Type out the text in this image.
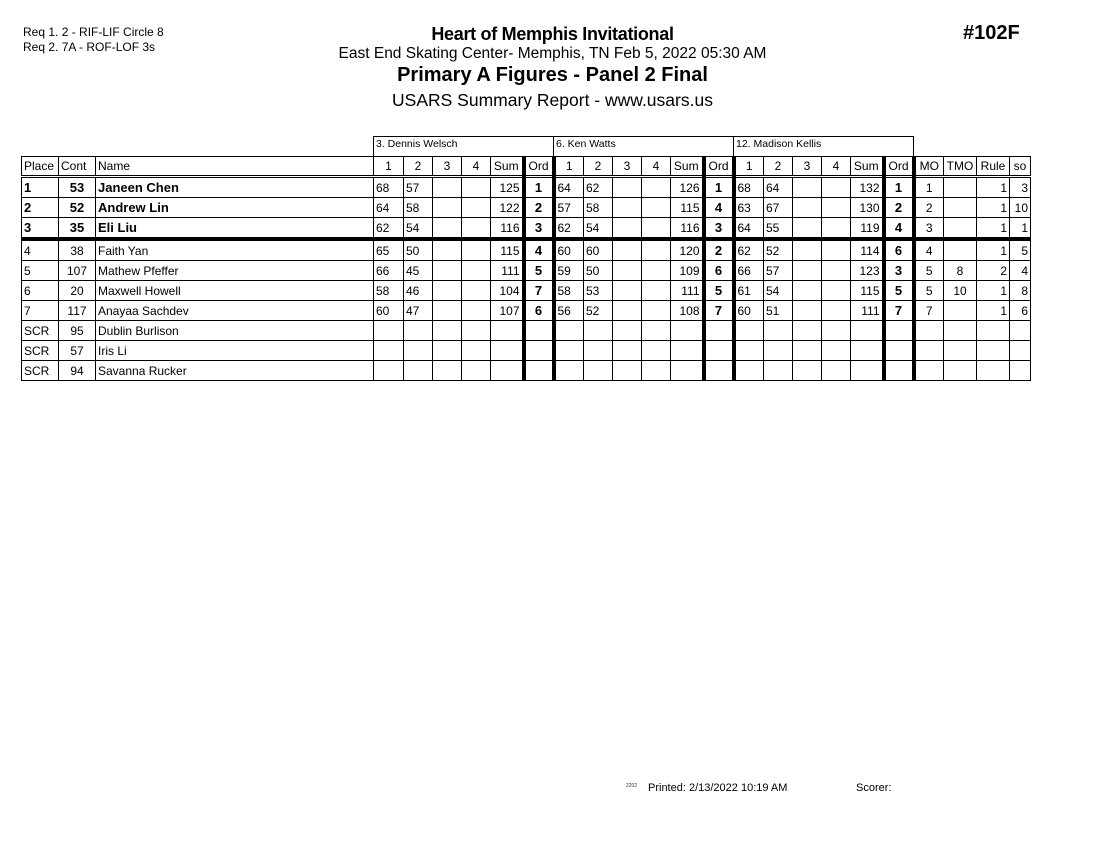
Req 1. 2 - RIF-LIF Circle 8
Req 2. 7A - ROF-LOF 3s
#102F
Heart of Memphis Invitational
East End Skating Center- Memphis, TN Feb 5, 2022 05:30 AM
Primary A Figures - Panel 2 Final
USARS Summary Report - www.usars.us
			3. Dennis Welsch						6. Ken Watts						12. Madison Kellis									
Place	Cont	Name	1	2	3	4	Sum	Ord	1	2	3	4	Sum	Ord	1	2	3	4	Sum	Ord	MO	TMO	Rule	so
1	53	Janeen Chen	68	57			125	1	64	62			126	1	68	64			132	1	1		1	3
2	52	Andrew Lin	64	58			122	2	57	58			115	4	63	67			130	2	2		1	10
3	35	Eli Liu	62	54			116	3	62	54			116	3	64	55			119	4	3		1	1
4	38	Faith Yan	65	50			115	4	60	60			120	2	62	52			114	6	4		1	5
5	107	Mathew Pfeffer	66	45			111	5	59	50			109	6	66	57			123	3	5	8	2	4
6	20	Maxwell Howell	58	46			104	7	58	53			111	5	61	54			115	5	5	10	1	8
7	117	Anayaa Sachdev	60	47			107	6	56	52			108	7	60	51			111	7	7		1	6
SCR	95	Dublin Burlison																						
SCR	57	Iris Li																						
SCR	94	Savanna Rucker																						
2202 Printed: 2/13/2022 10:19 AM	Scorer:
